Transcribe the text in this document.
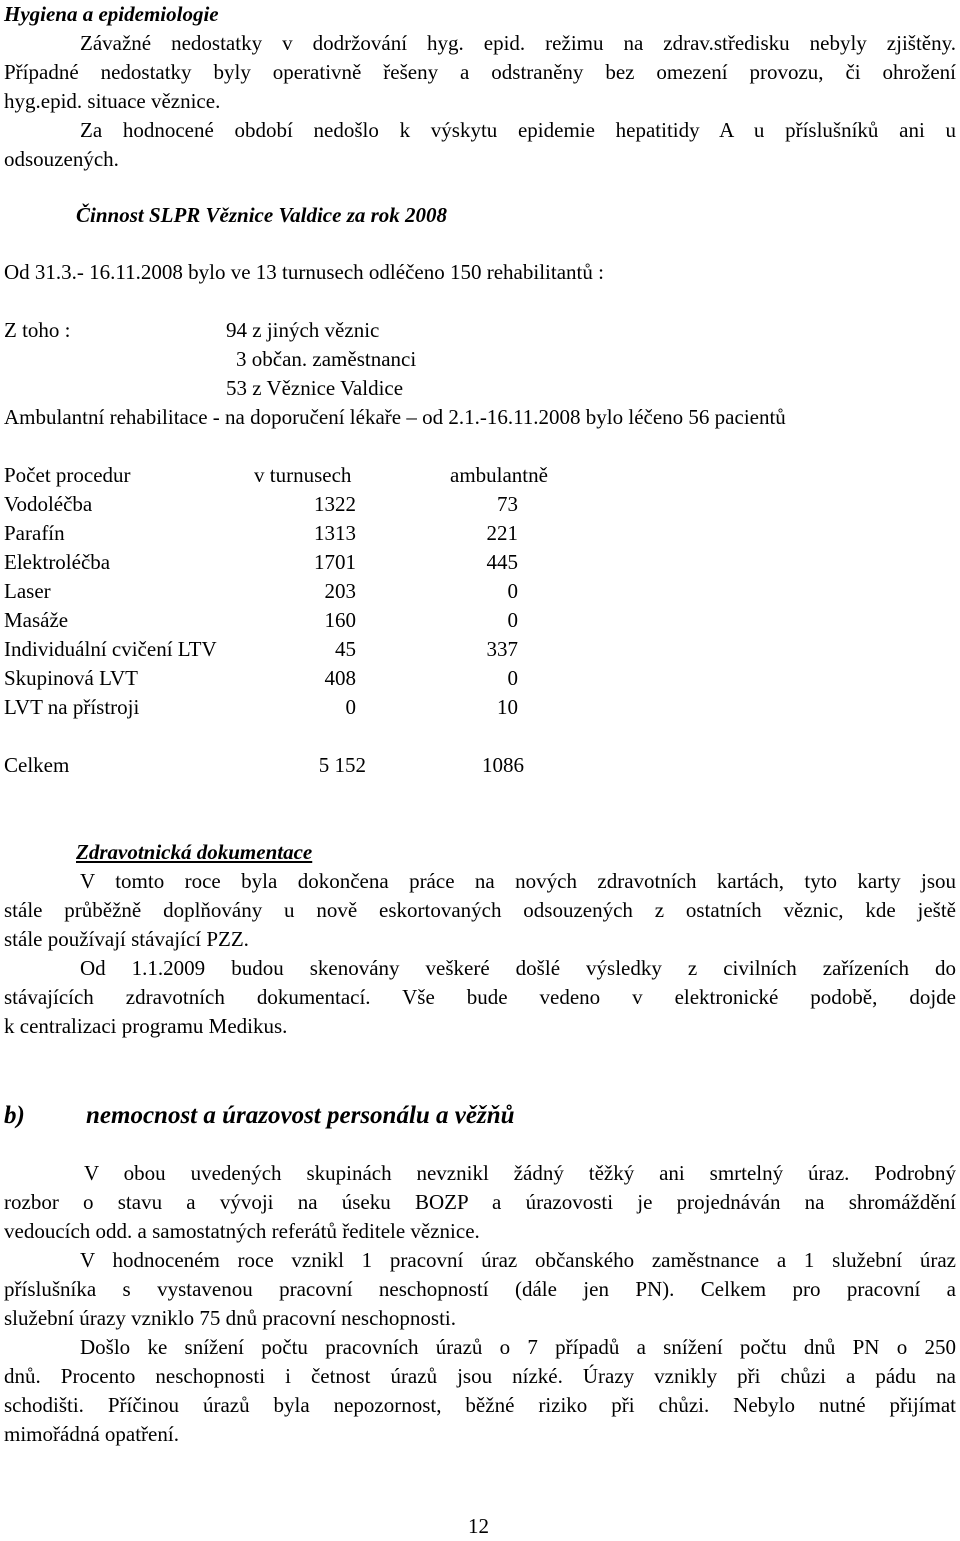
Hygiena a epidemiologie
Závažné nedostatky v dodržování hyg. epid. režimu na zdrav.středisku nebyly zjištěny.
Případné nedostatky byly operativně řešeny a odstraněny bez omezení provozu, či ohrožení
hyg.epid. situace věznice.
Za hodnocené období nedošlo k výskytu epidemie hepatitidy A u příslušníků ani u
odsouzených.
Činnost SLPR Věznice Valdice za rok 2008
Od 31.3.- 16.11.2008 bylo ve 13 turnusech odléčeno 150 rehabilitantů :
Z toho :	94 z jiných věznic
3 občan. zaměstnanci
53 z Věznice Valdice
Ambulantní rehabilitace - na doporučení lékaře – od 2.1.-16.11.2008 bylo léčeno 56 pacientů
Počet procedur	v turnusech	ambulantně
Vodoléčba	1322	73
Parafín	1313	221
Elektroléčba	1701	445
Laser	203	0
Masáže	160	0
Individuální cvičení LTV	45	337
Skupinová LVT	408	0
LVT na přístroji	0	10
Celkem	5 152	1086
Zdravotnická dokumentace
V tomto roce byla dokončena práce na nových zdravotních kartách, tyto karty jsou
stále průběžně doplňovány u nově eskortovaných odsouzených z ostatních věznic, kde ještě
stále používají stávající PZZ.
Od 1.1.2009 budou skenovány veškeré došlé výsledky z civilních zařízeních do
stávajících zdravotních dokumentací. Vše bude vedeno v elektronické podobě, dojde
k centralizaci programu Medikus.
b) nemocnost a úrazovost personálu a věžňů
V obou uvedených skupinách nevznikl žádný těžký ani smrtelný úraz. Podrobný
rozbor o stavu a vývoji na úseku BOZP a úrazovosti je projednáván na shromáždění
vedoucích odd. a samostatných referátů ředitele věznice.
V hodnoceném roce vznikl 1 pracovní úraz občanského zaměstnance a 1 služební úraz
příslušníka s vystavenou pracovní neschopností (dále jen PN). Celkem pro pracovní a
služební úrazy vzniklo 75 dnů pracovní neschopnosti.
Došlo ke snížení počtu pracovních úrazů o 7 případů a snížení počtu dnů PN o 250
dnů. Procento neschopnosti i četnost úrazů jsou nízké. Úrazy vznikly při chůzi a pádu na
schodišti. Příčinou úrazů byla nepozornost, běžné riziko při chůzi. Nebylo nutné přijímat
mimořádná opatření.
12
